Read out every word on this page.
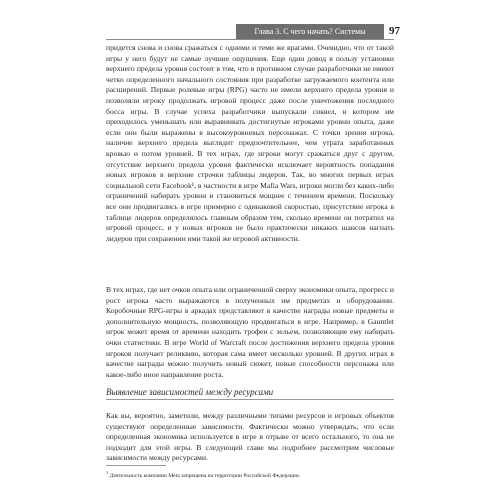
Глава 3. С чего начать? Системы	97

придется снова и снова сражаться с одними и теми же врагами. Очевидно, что от такой игры у него будут не самые лучшие ощущения. Еще один довод в пользу установки верхнего предела уровня состоит в том, что в противном случае разработчики не имеют четко определенного начального состояния при разработке загружаемого контента или расширений. Первые ролевые игры (RPG) часто не имели верхнего предела уровня и позволяли игроку продолжать игровой процесс даже после уничтожения последнего босса игры. В случае успеха разработчики выпускали сиквел, в котором им приходилось уменьшать или выравнивать достигнутые игроками уровни опыта, даже если они были выражены в высокоуровневых персонажах. С точки зрения игрока, наличие верхнего предела выглядит предпочтительнее, чем утрата заработанных кровью и потом уровней. В тех играх, где игроки могут сражаться друг с другом, отсутствие верхнего предела уровня фактически исключает вероятность попадания новых игроков в верхние строчки таблицы лидеров. Так, во многих первых играх социальной сети Facebook¹, в частности в игре Mafia Wars, игроки могли без каких-либо ограничений набирать уровни и становиться мощнее с течением времени. Поскольку все они продвигались в игре примерно с одинаковой скоростью, присутствие игрока в таблице лидеров определялось главным образом тем, сколько времени он потратил на игровой процесс, и у новых игроков не было практически никаких шансов нагнать лидеров при сохранении ими такой же игровой активности.

В тех играх, где нет очков опыта или ограниченной сверху экономики опыта, прогресс и рост игрока часто выражаются в полученных им предметах и оборудовании. Коробочные RPG-игры в аркадах представляют в качестве награды новые предметы и дополнительную мощность, позволяющую продвигаться в игре. Например, в Gauntlet игрок может время от времени находить трофеи с зельем, позволяющие ему набирать очки статистики. В игре World of Warcraft после достижения верхнего предела уровня игроков получает реликвию, которая сама имеет несколько уровней. В других играх в качестве награды можно получить новый сюжет, новые способности персонажа или какое-либо иное направление роста.

Выявление зависимостей между ресурсами

Как вы, вероятно, заметили, между различными типами ресурсов и игровых объектов существуют определенные зависимости. Фактически можно утверждать, что если определенная экономика используется в игре в отрыве от всего остального, то она не подходит для этой игры. В следующей главе мы подробнее рассмотрим числовые зависимости между ресурсами.

$^1$ Деятельность компании Meta запрещена на территории Российской Федерации.
